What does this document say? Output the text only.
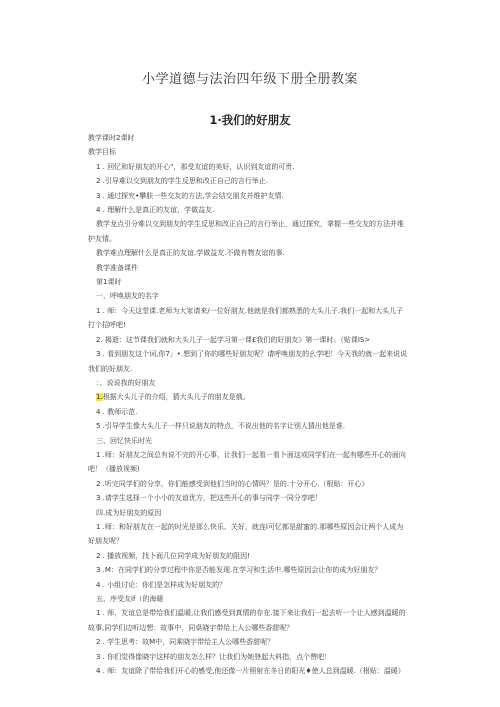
小学道德与法治四年级下册全册教案
1·我们的好朋友
教学课时2课时
教学目标
1 . 回忆和好朋友的开心"，那受友谊的美好，认识到友谊的可贵.
2 .引导难以交到朋友的学生反思和改正自己的言行举止.
3 . 通过探究•攀肤一些交友的方法,学会结交朋友并维护友情.
4 . 理解什么是真正的友谊，学做益友.
教学龙点引分难以交到朋友的学生反思和改正自己的言行举止，通过探究，掌握一些交友的方法并维护友情。
教学难点理解什么是真正的友谊.学做益友.不做有物友谊的事.
教学准备课件
第1课时
一、呼唤朋友的名字
1 . 师：今天这堂课.老师为大家请来/一位好朋友.他就是我们都熟悉的大头儿子.我们一起和大头儿子打个招呼吧!
2. 揭逝：这节课我们就和大头儿子一起学习第一课£我们的好朋友》第一课时。（贴课IS>
3 . 看到朋友这个词,你7」•.想到了你的哪些好朋友呢？请呼唤朋友的幺学吧！今天我的就一起来说说我们的好朋友.
：、说说我的好朋友
1.根据大头儿子的介绍，猜大头儿子的朋友是俄。
4 . 教师示范.
5 .引导学生像大头儿子一样只说朋友的特点，不说出他的名字让别人猜出他是谁.
三、回忆快乐时光
1 .师：好朋友之间总有说不完的开心事，让我们一起看一看卜面这或同学们在一起有哪些开心的面向吧！（播放视频)
2 .听完同学们的分享，你们能感受到他们当时的心情吗？是的.十分开心.（根贴：开心》
3 .请学生选择一个小小的友谊优方，把这些开心的事与同学一同分享吧！
四.成为好朋友的原因
1 .师：和好朋友在一起的时光是那么快乐、关好，就连I可忆都是甜蜜的.那哪些原因会让两个人成为好朋友呢？
2 . 播放视频，找卜面几位同学成为好朋友的阻因!
3 .M：在同学们的分享过程中你是否能发现.在学习和生活中.哪些原因会让你的成为好朋友？
4 . 小组讨论：你们是怎样成为好朋友的？
五、序受友if（的海暖
1 . 师，友谊总是带给我们温暖,让我们感受到真情的存在.接下来让我们一起去听一个让人感到温暖的故事,同学们边听边想：故事中，同桌晓宇带给上人公哪些香甜呢？
2 . 学生思考：故M中，同乘晓宇带给主人公哪些香甜呢？
3 . 你们觉得像晓宇这样的朋友怎么样？让我们为她登起大料指，点个赞吧！
4 . 师：友谊除了带给我们开心的感受,他还像一片照射在冬日的阳光♦使人总到温暖.（根贴：温暖）
